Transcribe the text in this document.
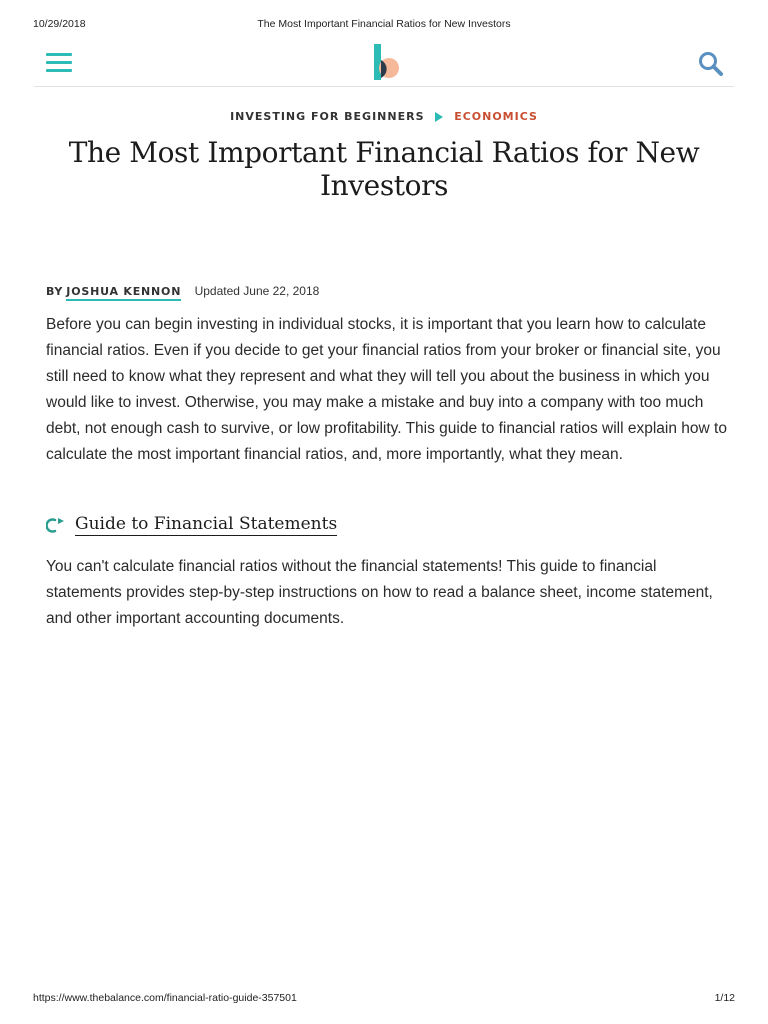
10/29/2018	The Most Important Financial Ratios for New Investors
INVESTING FOR BEGINNERS	ECONOMICS
The Most Important Financial Ratios for New Investors
BY JOSHUA KENNON Updated June 22, 2018

Before you can begin investing in individual stocks, it is important that you learn how to calculate financial ratios. Even if you decide to get your financial ratios from your broker or financial site, you still need to know what they represent and what they will tell you about the business in which you would like to invest. Otherwise, you may make a mistake and buy into a company with too much debt, not enough cash to survive, or low profitability. This guide to financial ratios will explain how to calculate the most important financial ratios, and, more importantly, what they mean.

Guide to Financial Statements

You can't calculate financial ratios without the financial statements! This guide to financial statements provides step-by-step instructions on how to read a balance sheet, income statement, and other important accounting documents.

https://www.thebalance.com/financial-ratio-guide-357501	1/12
